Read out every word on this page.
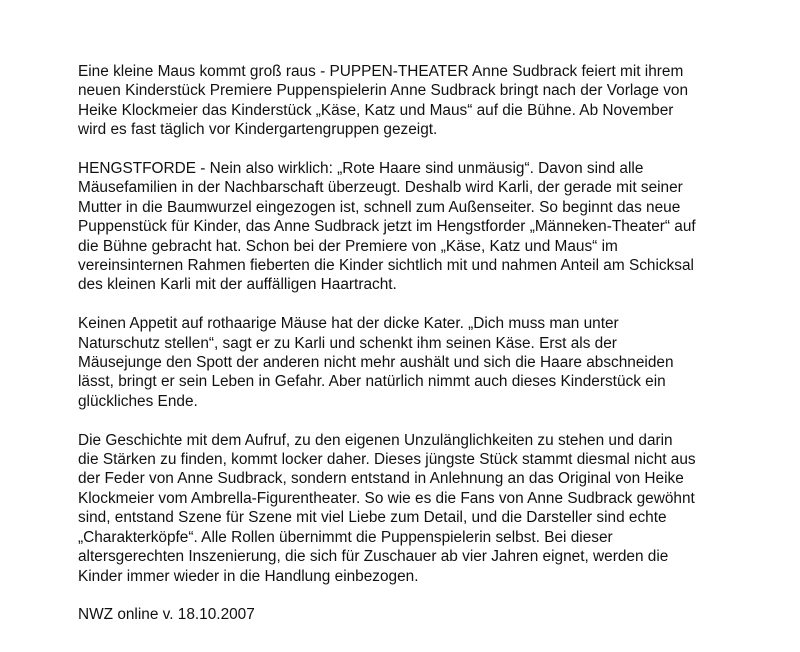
Eine kleine Maus kommt groß raus - PUPPEN-THEATER Anne Sudbrack feiert mit ihrem
neuen Kinderstück Premiere Puppenspielerin Anne Sudbrack bringt nach der Vorlage von
Heike Klockmeier das Kinderstück „Käse, Katz und Maus“ auf die Bühne. Ab November
wird es fast täglich vor Kindergartengruppen gezeigt.

HENGSTFORDE - Nein also wirklich: „Rote Haare sind unmäusig“. Davon sind alle
Mäusefamilien in der Nachbarschaft überzeugt. Deshalb wird Karli, der gerade mit seiner
Mutter in die Baumwurzel eingezogen ist, schnell zum Außenseiter. So beginnt das neue
Puppenstück für Kinder, das Anne Sudbrack jetzt im Hengstforder „Männeken-Theater“ auf
die Bühne gebracht hat. Schon bei der Premiere von „Käse, Katz und Maus“ im
vereinsinternen Rahmen fieberten die Kinder sichtlich mit und nahmen Anteil am Schicksal
des kleinen Karli mit der auffälligen Haartracht.

Keinen Appetit auf rothaarige Mäuse hat der dicke Kater. „Dich muss man unter
Naturschutz stellen“, sagt er zu Karli und schenkt ihm seinen Käse. Erst als der
Mäusejunge den Spott der anderen nicht mehr aushält und sich die Haare abschneiden
lässt, bringt er sein Leben in Gefahr. Aber natürlich nimmt auch dieses Kinderstück ein
glückliches Ende.

Die Geschichte mit dem Aufruf, zu den eigenen Unzulänglichkeiten zu stehen und darin
die Stärken zu finden, kommt locker daher. Dieses jüngste Stück stammt diesmal nicht aus
der Feder von Anne Sudbrack, sondern entstand in Anlehnung an das Original von Heike
Klockmeier vom Ambrella-Figurentheater. So wie es die Fans von Anne Sudbrack gewöhnt
sind, entstand Szene für Szene mit viel Liebe zum Detail, und die Darsteller sind echte
„Charakterköpfe“. Alle Rollen übernimmt die Puppenspielerin selbst. Bei dieser
altersgerechten Inszenierung, die sich für Zuschauer ab vier Jahren eignet, werden die
Kinder immer wieder in die Handlung einbezogen.

NWZ online v. 18.10.2007
